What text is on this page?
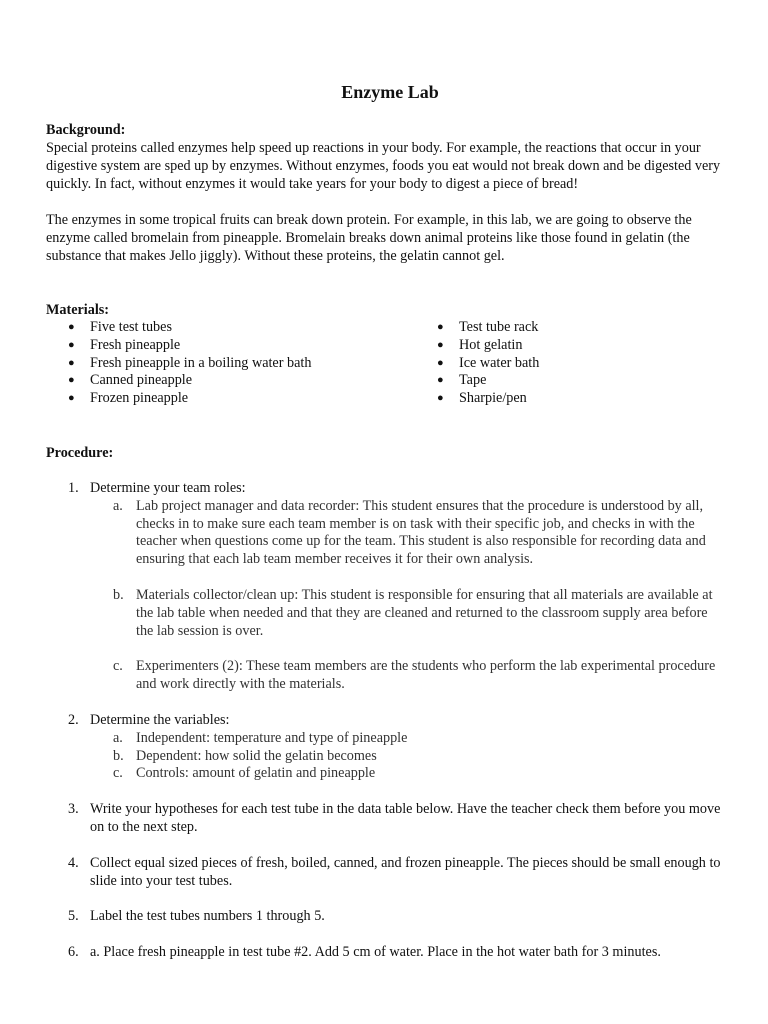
Enzyme Lab
Background:

Special proteins called enzymes help speed up reactions in your body. For example, the reactions that occur in your digestive system are sped up by enzymes. Without enzymes, foods you eat would not break down and be digested very quickly. In fact, without enzymes it would take years for your body to digest a piece of bread!

The enzymes in some tropical fruits can break down protein. For example, in this lab, we are going to observe the enzyme called bromelain from pineapple. Bromelain breaks down animal proteins like those found in gelatin (the substance that makes Jello jiggly). Without these proteins, the gelatin cannot gel.

Materials:
● Five test tubes
● Fresh pineapple
● Fresh pineapple in a boiling water bath
● Canned pineapple
● Frozen pineapple
● Test tube rack
● Hot gelatin
● Ice water bath
● Tape
● Sharpie/pen
Procedure:
1. Determine your team roles:
a. Lab project manager and data recorder: This student ensures that the procedure is understood by all, checks in to make sure each team member is on task with their specific job, and checks in with the teacher when questions come up for the team. This student is also responsible for recording data and ensuring that each lab team member receives it for their own analysis.
b. Materials collector/clean up: This student is responsible for ensuring that all materials are available at the lab table when needed and that they are cleaned and returned to the classroom supply area before the lab session is over.
c. Experimenters (2): These team members are the students who perform the lab experimental procedure and work directly with the materials.
2. Determine the variables:
a. Independent: temperature and type of pineapple
b. Dependent: how solid the gelatin becomes
c. Controls: amount of gelatin and pineapple
3. Write your hypotheses for each test tube in the data table below. Have the teacher check them before you move on to the next step.
4. Collect equal sized pieces of fresh, boiled, canned, and frozen pineapple. The pieces should be small enough to slide into your test tubes.
5. Label the test tubes numbers 1 through 5.
6. a. Place fresh pineapple in test tube #2. Add 5 cm of water. Place in the hot water bath for 3 minutes.
